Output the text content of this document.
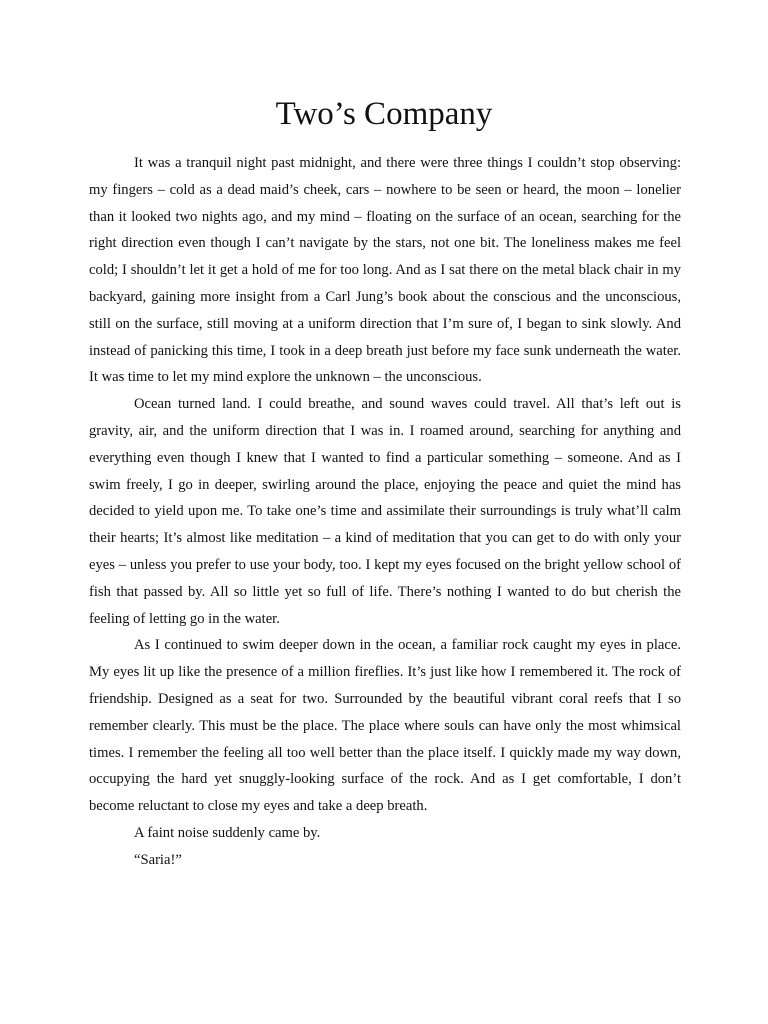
Two’s Company

It was a tranquil night past midnight, and there were three things I couldn’t stop observing: my fingers – cold as a dead maid’s cheek, cars – nowhere to be seen or heard, the moon – lonelier than it looked two nights ago, and my mind – floating on the surface of an ocean, searching for the right direction even though I can’t navigate by the stars, not one bit. The loneliness makes me feel cold; I shouldn’t let it get a hold of me for too long. And as I sat there on the metal black chair in my backyard, gaining more insight from a Carl Jung’s book about the conscious and the unconscious, still on the surface, still moving at a uniform direction that I’m sure of, I began to sink slowly. And instead of panicking this time, I took in a deep breath just before my face sunk underneath the water. It was time to let my mind explore the unknown – the unconscious.

Ocean turned land. I could breathe, and sound waves could travel. All that’s left out is gravity, air, and the uniform direction that I was in. I roamed around, searching for anything and everything even though I knew that I wanted to find a particular something – someone. And as I swim freely, I go in deeper, swirling around the place, enjoying the peace and quiet the mind has decided to yield upon me. To take one’s time and assimilate their surroundings is truly what’ll calm their hearts; It’s almost like meditation – a kind of meditation that you can get to do with only your eyes – unless you prefer to use your body, too. I kept my eyes focused on the bright yellow school of fish that passed by. All so little yet so full of life. There’s nothing I wanted to do but cherish the feeling of letting go in the water.

As I continued to swim deeper down in the ocean, a familiar rock caught my eyes in place. My eyes lit up like the presence of a million fireflies. It’s just like how I remembered it. The rock of friendship. Designed as a seat for two. Surrounded by the beautiful vibrant coral reefs that I so remember clearly. This must be the place. The place where souls can have only the most whimsical times. I remember the feeling all too well better than the place itself. I quickly made my way down, occupying the hard yet snuggly-looking surface of the rock. And as I get comfortable, I don’t become reluctant to close my eyes and take a deep breath.

A faint noise suddenly came by.

“Saria!”
